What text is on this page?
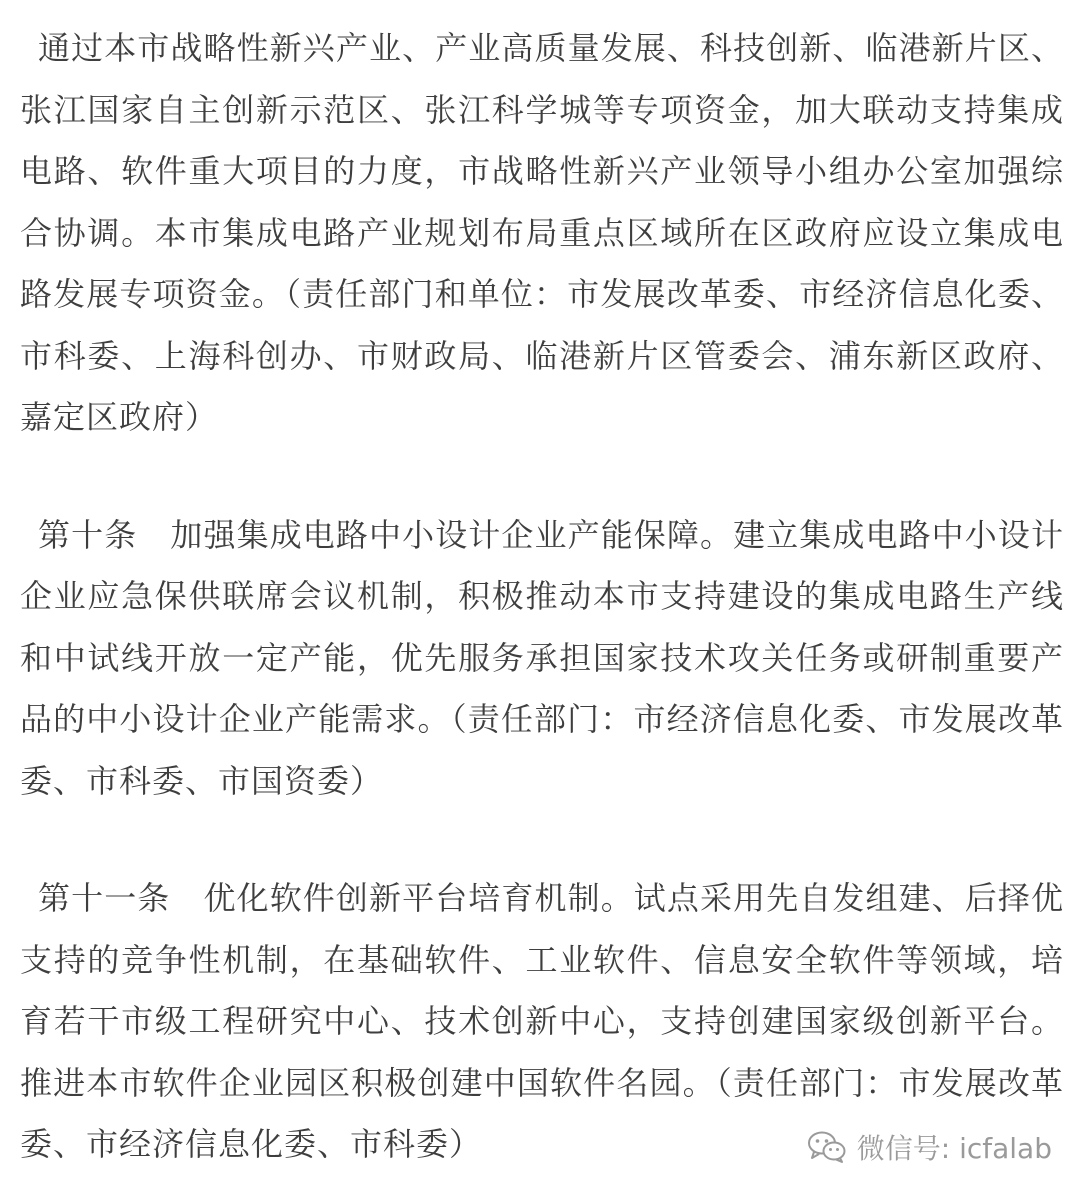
通过本市战略性新兴产业、产业高质量发展、科技创新、临港新片区、张江国家自主创新示范区、张江科学城等专项资金，加大联动支持集成电路、软件重大项目的力度，市战略性新兴产业领导小组办公室加强综合协调。本市集成电路产业规划布局重点区域所在区政府应设立集成电路发展专项资金。（责任部门和单位：市发展改革委、市经济信息化委、市科委、上海科创办、市财政局、临港新片区管委会、浦东新区政府、嘉定区政府）

第十条　加强集成电路中小设计企业产能保障。建立集成电路中小设计企业应急保供联席会议机制，积极推动本市支持建设的集成电路生产线和中试线开放一定产能，优先服务承担国家技术攻关任务或研制重要产品的中小设计企业产能需求。（责任部门：市经济信息化委、市发展改革委、市科委、市国资委）

第十一条　优化软件创新平台培育机制。试点采用先自发组建、后择优支持的竞争性机制，在基础软件、工业软件、信息安全软件等领域，培育若干市级工程研究中心、技术创新中心，支持创建国家级创新平台。推进本市软件企业园区积极创建中国软件名园。（责任部门：市发展改革委、市经济信息化委、市科委）	微信号: icfalab
